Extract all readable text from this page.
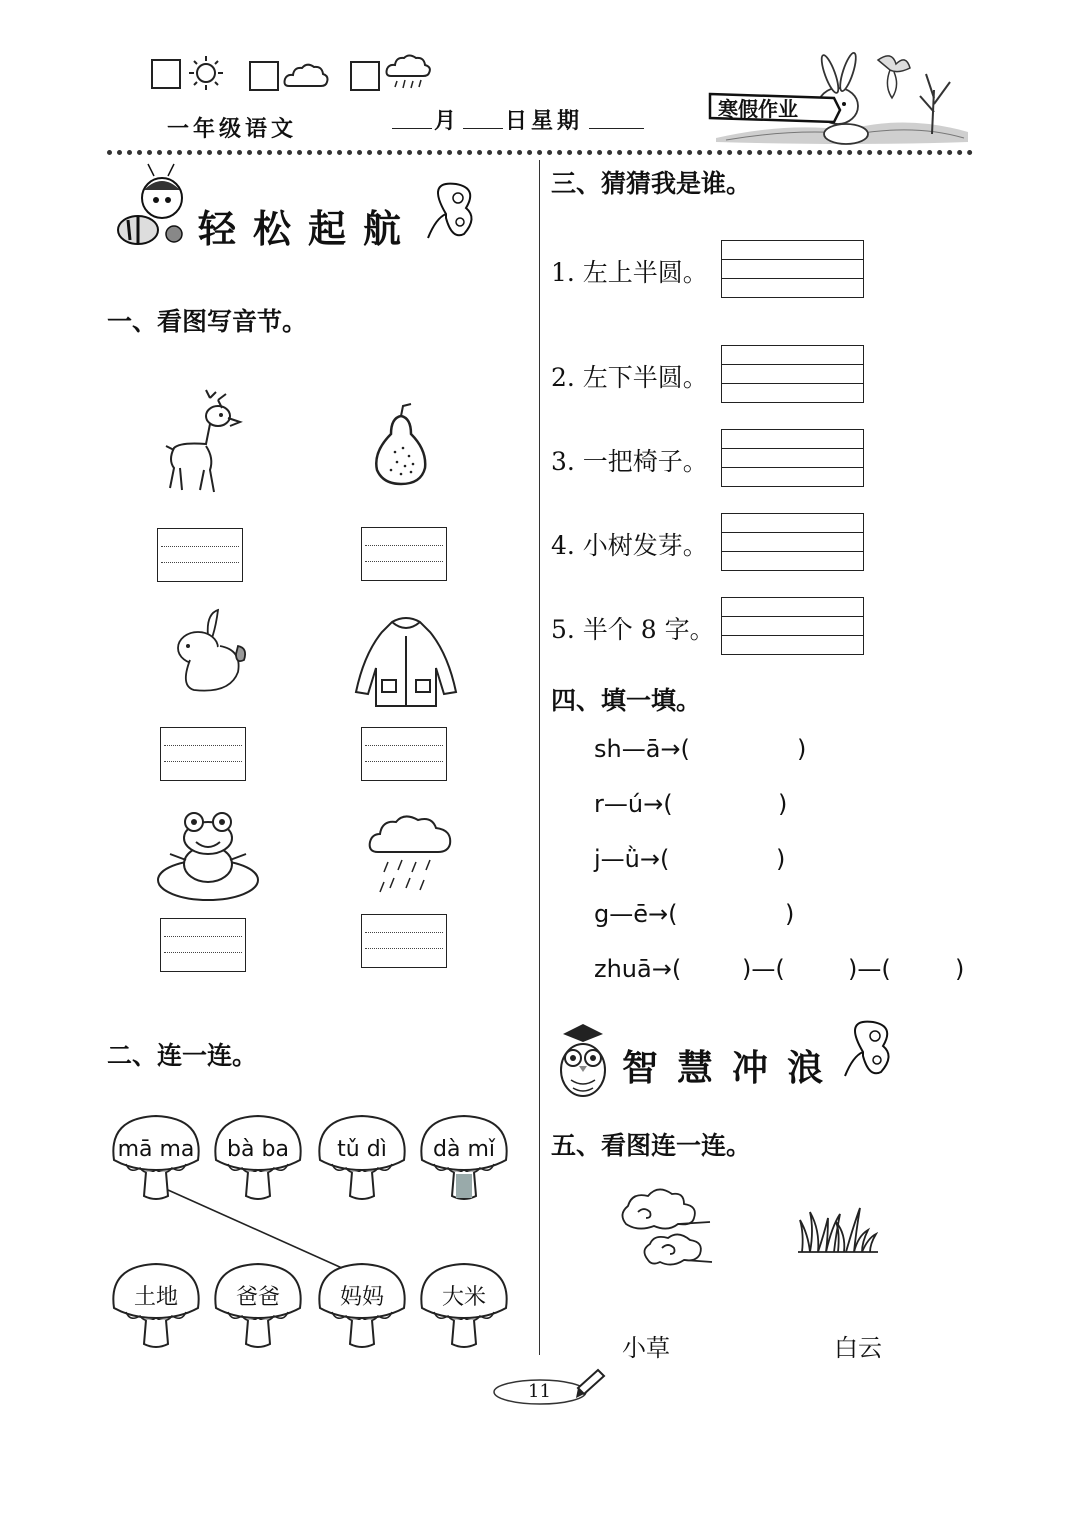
一年级语文	月 日星期	寒假作业
轻松起航
一、看图写音节。
二、连一连。
mā ma bà ba tǔ dì dà mǐ
土地	爸爸	妈妈	大米
三、猜猜我是谁。
1. 左上半圆。
2. 左下半圆。
3. 一把椅子。
4. 小树发芽。
5. 半个 8 字。
四、填一填。
sh—ā→(	)
r—ú→(	)
j—ǜ→(	)
g—ē→(	)
zhuā→(	)—(	)—(	)
智慧冲浪
五、看图连一连。
小草	白云
11
